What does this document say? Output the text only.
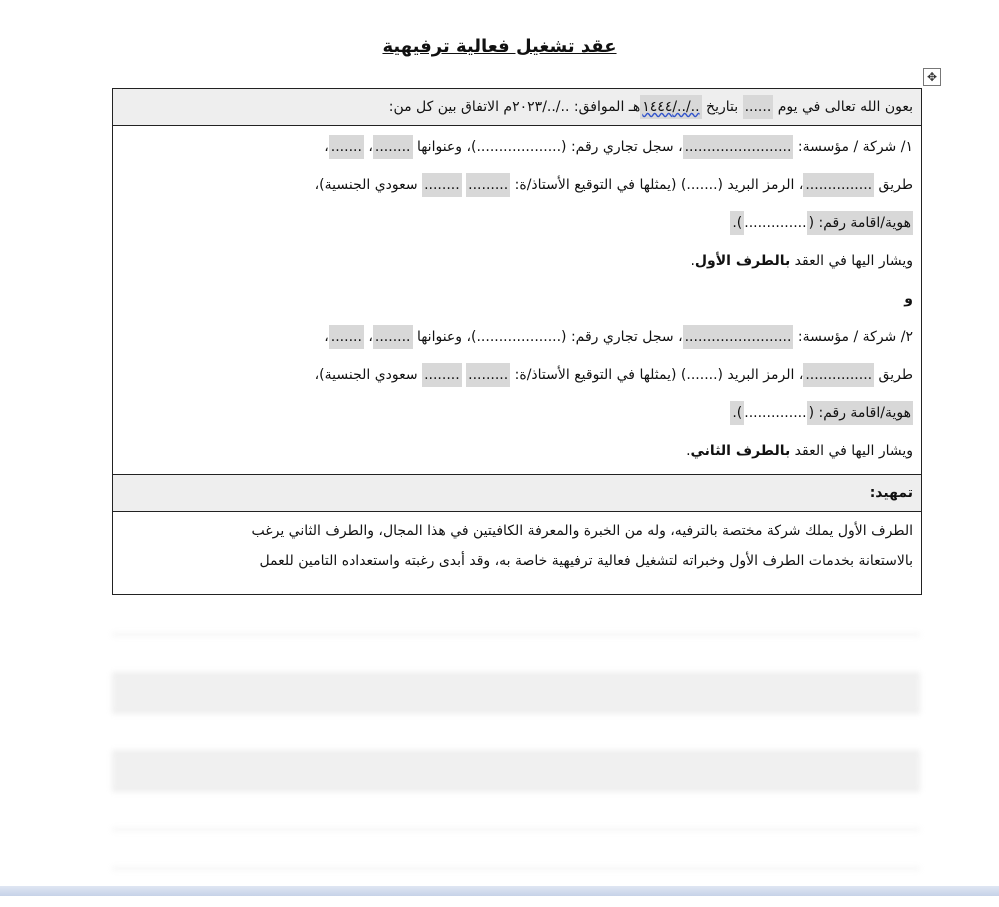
عقد تشغيل فعالية ترفيهية
✥
بعون الله تعالى في يوم ...... بتاريخ ../../١٤٤٤هـ الموافق: ../../٢٠٢٣م الاتفاق بين كل من:
١/ شركة / مؤسسة: ........................، سجل تجاري رقم: (...................)، وعنوانها ........، .......،
طريق ...............، الرمز البريد (.......) (يمثلها في التوقيع الأستاذ/ة: ......... ........ سعودي الجنسية)،
هوية/اقامة رقم: (..............).
ويشار اليها في العقد بالطرف الأول.
و
٢/ شركة / مؤسسة: ........................، سجل تجاري رقم: (...................)، وعنوانها ........، .......،
طريق ...............، الرمز البريد (.......) (يمثلها في التوقيع الأستاذ/ة: ......... ........ سعودي الجنسية)،
هوية/اقامة رقم: (..............).
ويشار اليها في العقد بالطرف الثاني.
تمهيد:
الطرف الأول يملك شركة مختصة بالترفيه، وله من الخبرة والمعرفة الكافيتين في هذا المجال، والطرف الثاني يرغب
بالاستعانة بخدمات الطرف الأول وخبراته لتشغيل فعالية ترفيهية خاصة به، وقد أبدى رغبته واستعداده التامين للعمل
